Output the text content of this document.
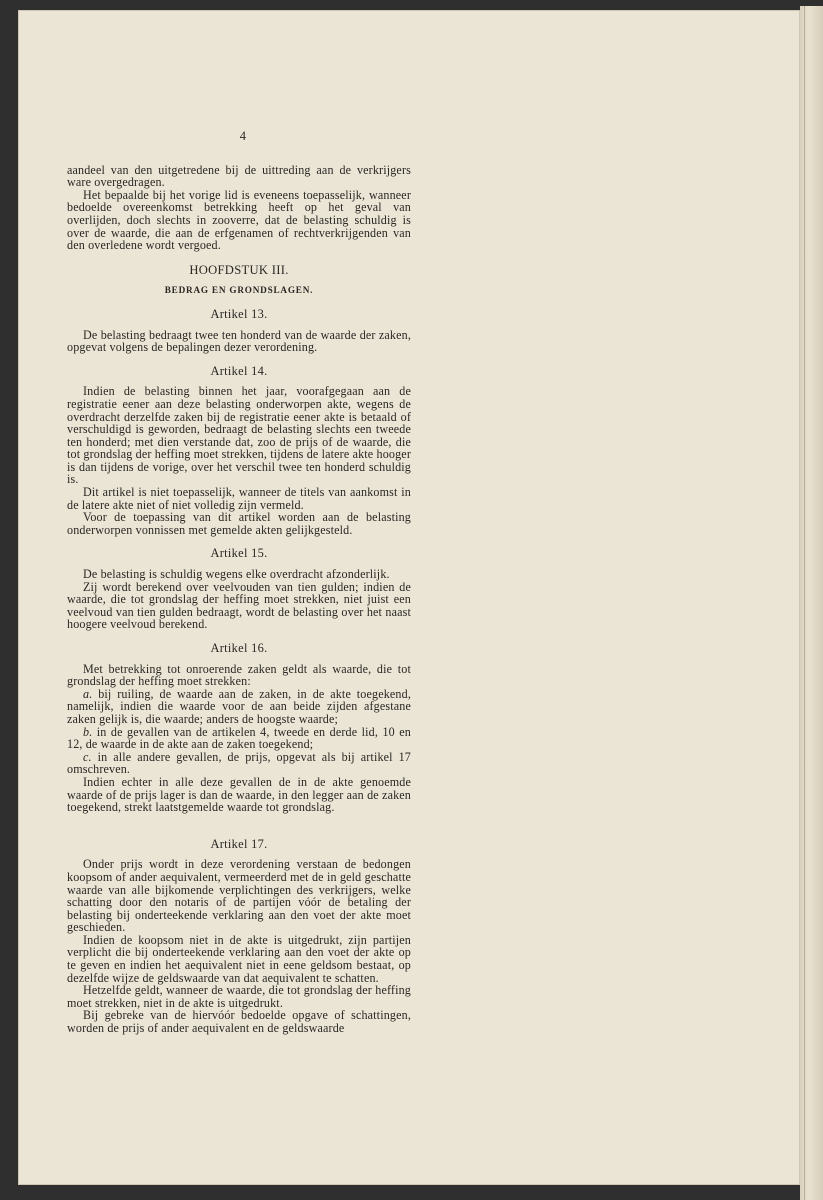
4

aandeel van den uitgetredene bij de uittreding aan de verkrijgers ware overgedragen.

Het bepaalde bij het vorige lid is eveneens toepasselijk, wanneer bedoelde overeenkomst betrekking heeft op het geval van overlijden, doch slechts in zooverre, dat de belasting schuldig is over de waarde, die aan de erfgenamen of rechtverkrijgenden van den overledene wordt vergoed.

HOOFDSTUK III.
BEDRAG EN GRONDSLAGEN.
Artikel 13.

De belasting bedraagt twee ten honderd van de waarde der zaken, opgevat volgens de bepalingen dezer verordening.

Artikel 14.

Indien de belasting binnen het jaar, voorafgegaan aan de registratie eener aan deze belasting onderworpen akte, wegens de overdracht derzelfde zaken bij de registratie eener akte is betaald of verschuldigd is geworden, bedraagt de belasting slechts een tweede ten honderd; met dien verstande dat, zoo de prijs of de waarde, die tot grondslag der heffing moet strekken, tijdens de latere akte hooger is dan tijdens de vorige, over het verschil twee ten honderd schuldig is.

Dit artikel is niet toepasselijk, wanneer de titels van aankomst in de latere akte niet of niet volledig zijn vermeld.

Voor de toepassing van dit artikel worden aan de belasting onderworpen vonnissen met gemelde akten gelijkgesteld.

Artikel 15.

De belasting is schuldig wegens elke overdracht afzonderlijk.

Zij wordt berekend over veelvouden van tien gulden; indien de waarde, die tot grondslag der heffing moet strekken, niet juist een veelvoud van tien gulden bedraagt, wordt de belasting over het naast hoogere veelvoud berekend.

Artikel 16.

Met betrekking tot onroerende zaken geldt als waarde, die tot grondslag der heffing moet strekken:

a. bij ruiling, de waarde aan de zaken, in de akte toegekend, namelijk, indien die waarde voor de aan beide zijden afgestane zaken gelijk is, die waarde; anders de hoogste waarde;

b. in de gevallen van de artikelen 4, tweede en derde lid, 10 en 12, de waarde in de akte aan de zaken toegekend;

c. in alle andere gevallen, de prijs, opgevat als bij artikel 17 omschreven.

Indien echter in alle deze gevallen de in de akte genoemde waarde of de prijs lager is dan de waarde, in den legger aan de zaken toegekend, strekt laatstgemelde waarde tot grondslag.

Artikel 17.

Onder prijs wordt in deze verordening verstaan de bedongen koopsom of ander aequivalent, vermeerderd met de in geld geschatte waarde van alle bijkomende verplichtingen des verkrijgers, welke schatting door den notaris of de partijen vóór de betaling der belasting bij onderteekende verklaring aan den voet der akte moet geschieden.

Indien de koopsom niet in de akte is uitgedrukt, zijn partijen verplicht die bij onderteekende verklaring aan den voet der akte op te geven en indien het aequivalent niet in eene geldsom bestaat, op dezelfde wijze de geldswaarde van dat aequivalent te schatten.

Hetzelfde geldt, wanneer de waarde, die tot grondslag der heffing moet strekken, niet in de akte is uitgedrukt.

Bij gebreke van de hiervóór bedoelde opgave of schattingen, worden de prijs of ander aequivalent en de geldswaarde
